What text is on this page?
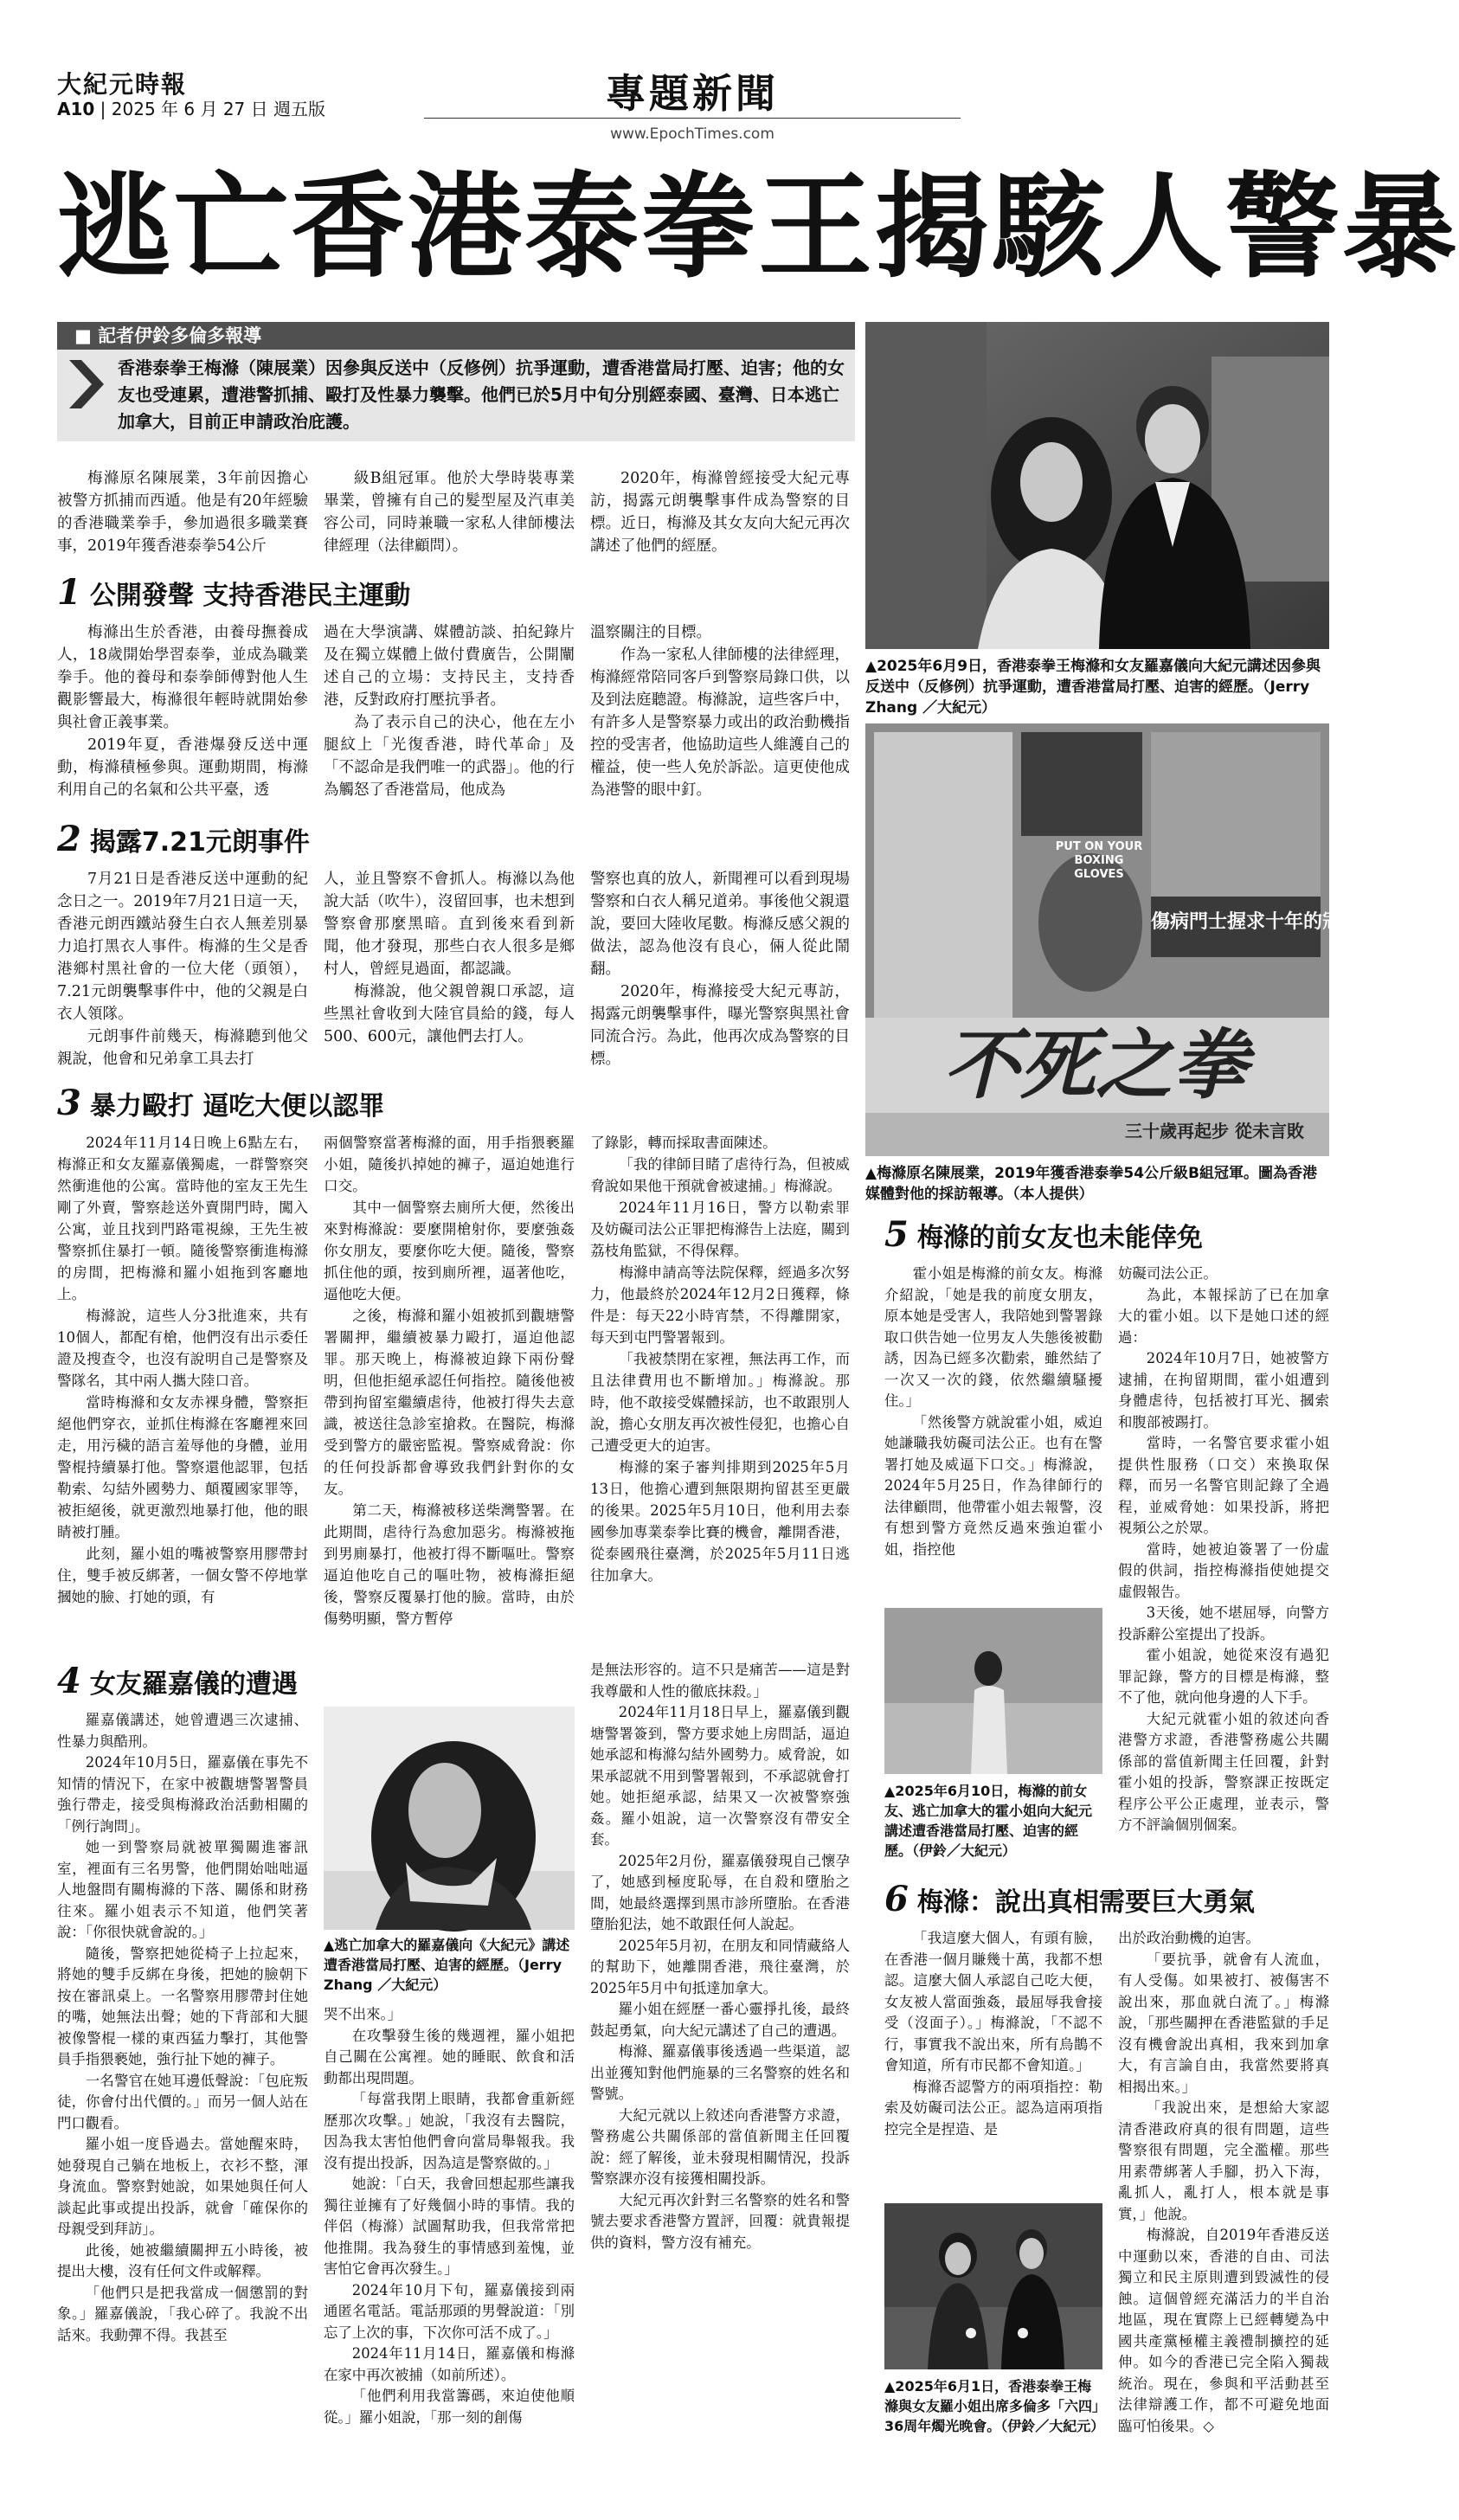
大紀元時報
A10 | 2025 年 6 月 27 日 週五版	專題新聞
www.EpochTimes.com
逃亡香港泰拳王揭駭人警暴
■ 記者伊鈴多倫多報導
香港泰拳王梅滌（陳展業）因參與反送中（反修例）抗爭運動，遭香港當局打壓、迫害；他的女友也受連累，遭港警抓捕、毆打及性暴力襲擊。他們已於5月中旬分別經泰國、臺灣、日本逃亡加拿大，目前正申請政治庇護。

梅滌原名陳展業，3年前因擔心被警方抓捕而西遁。他是有20年經驗的香港職業拳手，參加過很多職業賽事，2019年獲香港泰拳54公斤

級B組冠軍。他於大學時裝專業畢業，曾擁有自己的髮型屋及汽車美容公司，同時兼職一家私人律師樓法律經理（法律顧問）。

2020年，梅滌曾經接受大紀元專訪，揭露元朗襲擊事件成為警察的目標。近日，梅滌及其女友向大紀元再次講述了他們的經歷。

1 公開發聲 支持香港民主運動

梅滌出生於香港，由養母撫養成人，18歲開始學習泰拳，並成為職業拳手。他的養母和泰拳師傅對他人生觀影響最大，梅滌很年輕時就開始參與社會正義事業。

2019年夏，香港爆發反送中運動，梅滌積極參與。運動期間，梅滌利用自己的名氣和公共平臺，透

過在大學演講、媒體訪談、拍紀錄片及在獨立媒體上做付費廣告，公開闡述自己的立場：支持民主，支持香港，反對政府打壓抗爭者。

為了表示自己的決心，他在左小腿紋上「光復香港，時代革命」及「不認命是我們唯一的武器」。他的行為觸怒了香港當局，他成為

溫察關注的目標。

作為一家私人律師樓的法律經理，梅滌經常陪同客戶到警察局錄口供，以及到法庭聽證。梅滌說，這些客戶中，有許多人是警察暴力或出的政治動機指控的受害者，他協助這些人維護自己的權益，使一些人免於訴訟。這更使他成為港警的眼中釘。

2 揭露7.21元朗事件

7月21日是香港反送中運動的紀念日之一。2019年7月21日這一天，香港元朗西鐵站發生白衣人無差別暴力追打黑衣人事件。梅滌的生父是香港鄉村黑社會的一位大佬（頭領），7.21元朗襲擊事件中，他的父親是白衣人領隊。

元朗事件前幾天，梅滌聽到他父親說，他會和兄弟拿工具去打

人，並且警察不會抓人。梅滌以為他說大話（吹牛），沒留回事，也未想到警察會那麼黑暗。直到後來看到新聞，他才發現，那些白衣人很多是鄉村人，曾經見過面，都認識。

梅滌說，他父親曾親口承認，這些黑社會收到大陸官員給的錢，每人500、600元，讓他們去打人。

警察也真的放人，新聞裡可以看到現場警察和白衣人稱兄道弟。事後他父親還說，要回大陸收尾數。梅滌反感父親的做法，認為他沒有良心，倆人從此鬧翻。

2020年，梅滌接受大紀元專訪，揭露元朗襲擊事件，曝光警察與黑社會同流合污。為此，他再次成為警察的目標。

3 暴力毆打 逼吃大便以認罪

2024年11月14日晚上6點左右，梅滌正和女友羅嘉儀獨處，一群警察突然衝進他的公寓。當時他的室友王先生剛了外賣，警察趁送外賣開門時，闖入公寓，並且找到門路電視線，王先生被警察抓住暴打一頓。隨後警察衝進梅滌的房間，把梅滌和羅小姐拖到客廳地上。

梅滌說，這些人分3批進來，共有10個人，都配有槍，他們沒有出示委任證及搜查令，也沒有說明自己是警察及警隊名，其中兩人攜大陸口音。

當時梅滌和女友赤裸身體，警察拒絕他們穿衣，並抓住梅滌在客廳裡來回走，用污穢的語言羞辱他的身體，並用警棍持續暴打他。警察還他認罪，包括勒索、勾結外國勢力、顛覆國家罪等，被拒絕後，就更激烈地暴打他，他的眼睛被打腫。

此刻，羅小姐的嘴被警察用膠帶封住，雙手被反綁著，一個女警不停地掌摑她的臉、打她的頭，有

兩個警察當著梅滌的面，用手指猥褻羅小姐，隨後扒掉她的褲子，逼迫她進行口交。

其中一個警察去廁所大便，然後出來對梅滌說：要麼開槍射你，要麼強姦你女朋友，要麼你吃大便。隨後，警察抓住他的頭，按到廁所裡，逼著他吃，逼他吃大便。

之後，梅滌和羅小姐被抓到觀塘警署關押，繼續被暴力毆打，逼迫他認罪。那天晚上，梅滌被迫錄下兩份聲明，但他拒絕承認任何指控。隨後他被帶到拘留室繼續虐待，他被打得失去意識，被送往急診室搶救。在醫院，梅滌受到警方的嚴密監視。警察威脅說：你的任何投訴都會導致我們針對你的女友。

第二天，梅滌被移送柴灣警署。在此期間，虐待行為愈加惡劣。梅滌被拖到男廁暴打，他被打得不斷嘔吐。警察逼迫他吃自己的嘔吐物，被梅滌拒絕後，警察反覆暴打他的臉。當時，由於傷勢明顯，警方暫停

了錄影，轉而採取書面陳述。

「我的律師目睹了虐待行為，但被威脅說如果他干預就會被逮捕。」梅滌說。

2024年11月16日，警方以勒索罪及妨礙司法公正罪把梅滌告上法庭，關到荔枝角監獄，不得保釋。

梅滌申請高等法院保釋，經過多次努力，他最終於2024年12月2日獲釋，條件是：每天22小時宵禁，不得離開家，每天到屯門警署報到。

「我被禁閉在家裡，無法再工作，而且法律費用也不斷增加。」梅滌說。那時，他不敢接受媒體採訪，也不敢跟別人說，擔心女朋友再次被性侵犯，也擔心自己遭受更大的迫害。

梅滌的案子審判排期到2025年5月13日，他擔心遭到無限期拘留甚至更嚴的後果。2025年5月10日，他利用去泰國參加專業泰拳比賽的機會，離開香港，從泰國飛往臺灣，於2025年5月11日逃往加拿大。

4 女友羅嘉儀的遭遇

羅嘉儀講述，她曾遭遇三次逮捕、性暴力與酷刑。

2024年10月5日，羅嘉儀在事先不知情的情況下，在家中被觀塘警署警員強行帶走，接受與梅滌政治活動相關的「例行詢問」。

她一到警察局就被單獨關進審訊室，裡面有三名男警，他們開始咄咄逼人地盤問有關梅滌的下落、關係和財務往來。羅小姐表示不知道，他們笑著說：「你很快就會說的。」

隨後，警察把她從椅子上拉起來，將她的雙手反綁在身後，把她的臉朝下按在審訊桌上。一名警察用膠帶封住她的嘴，她無法出聲；她的下背部和大腿被像警棍一樣的東西猛力擊打，其他警員手指猥褻她，強行扯下她的褲子。

一名警官在她耳邊低聲說：「包庇叛徒，你會付出代價的。」而另一個人站在門口觀看。

羅小姐一度昏過去。當她醒來時，她發現自己躺在地板上，衣衫不整，渾身流血。警察對她說，如果她與任何人談起此事或提出投訴，就會「確保你的母親受到拜訪」。

此後，她被繼續關押五小時後，被提出大樓，沒有任何文件或解釋。

「他們只是把我當成一個懲罰的對象。」羅嘉儀說，「我心碎了。我說不出話來。我動彈不得。我甚至

▲逃亡加拿大的羅嘉儀向《大紀元》講述遭香港當局打壓、迫害的經歷。（Jerry Zhang ／大紀元）

哭不出來。」

在攻擊發生後的幾週裡，羅小姐把自己關在公寓裡。她的睡眠、飲食和活動都出現問題。

「每當我閉上眼睛，我都會重新經歷那次攻擊。」她說，「我沒有去醫院，因為我太害怕他們會向當局舉報我。我沒有提出投訴，因為這是警察做的。」

她說：「白天，我會回想起那些讓我獨往並擁有了好幾個小時的事情。我的伴侶（梅滌）試圖幫助我，但我常常把他推開。我為發生的事情感到羞愧，並害怕它會再次發生。」

2024年10月下旬，羅嘉儀接到兩通匿名電話。電話那頭的男聲說道：「別忘了上次的事，下次你可活不成了。」

2024年11月14日，羅嘉儀和梅滌在家中再次被捕（如前所述）。

「他們利用我當籌碼，來迫使他順從。」羅小姐說，「那一刻的創傷

是無法形容的。這不只是痛苦——這是對我尊嚴和人性的徹底抹殺。」

2024年11月18日早上，羅嘉儀到觀塘警署簽到，警方要求她上房問話，逼迫她承認和梅滌勾結外國勢力。威脅說，如果承認就不用到警署報到，不承認就會打她。她拒絕承認，結果又一次被警察強姦。羅小姐說，這一次警察沒有帶安全套。

2025年2月份，羅嘉儀發現自己懷孕了，她感到極度恥辱，在自殺和墮胎之間，她最終選擇到黑市診所墮胎。在香港墮胎犯法，她不敢跟任何人說起。

2025年5月初，在朋友和同情藏絡人的幫助下，她離開香港，飛往臺灣，於2025年5月中旬抵達加拿大。

羅小姐在經歷一番心靈掙扎後，最終鼓起勇氣，向大紀元講述了自己的遭遇。

梅滌、羅嘉儀事後透過一些渠道，認出並獲知對他們施暴的三名警察的姓名和警號。

大紀元就以上敘述向香港警方求證，警務處公共關係部的當值新聞主任回覆說：經了解後，並未發現相關情況，投訴警察課亦沒有接獲相關投訴。

大紀元再次針對三名警察的姓名和警號去要求香港警方置評，回覆：就貴報提供的資料，警方沒有補充。

▲2025年6月9日，香港泰拳王梅滌和女友羅嘉儀向大紀元講述因參與反送中（反修例）抗爭運動，遭香港當局打壓、迫害的經歷。（Jerry Zhang ／大紀元）
PUT ON YOUR BOXING GLOVES
傷病門士握求十年的冠軍
不死之拳
三十歲再起步 從未言敗
▲梅滌原名陳展業，2019年獲香港泰拳54公斤級B組冠軍。圖為香港媒體對他的採訪報導。（本人提供）
5 梅滌的前女友也未能倖免

霍小姐是梅滌的前女友。梅滌介紹說，「她是我的前度女朋友，原本她是受害人，我陪她到警署錄取口供告她一位男友人失態後被勸誘，因為已經多次勸索，雖然結了一次又一次的錢，依然繼續騷擾住。」

「然後警方就說霍小姐，威迫她謙職我妨礙司法公正。也有在警署打她及威逼下口交。」梅滌說，2024年5月25日，作為律師行的法律顧問，他帶霍小姐去報警，沒有想到警方竟然反過來強迫霍小姐，指控他

▲2025年6月10日，梅滌的前女友、逃亡加拿大的霍小姐向大紀元講述遭香港當局打壓、迫害的經歷。（伊鈴／大紀元）

妨礙司法公正。

為此，本報採訪了已在加拿大的霍小姐。以下是她口述的經過：

2024年10月7日，她被警方逮捕，在拘留期間，霍小姐遭到身體虐待，包括被打耳光、摑索和腹部被踢打。

當時，一名警官要求霍小姐提供性服務（口交）來換取保釋，而另一名警官則記錄了全過程，並威脅她：如果投訴，將把視頻公之於眾。

當時，她被迫簽署了一份虛假的供詞，指控梅滌指使她提交虛假報告。

3天後，她不堪屈辱，向警方投訴辭公室提出了投訴。

霍小姐說，她從來沒有過犯罪記錄，警方的目標是梅滌，整不了他，就向他身邊的人下手。

大紀元就霍小姐的敘述向香港警方求證，香港警務處公共關係部的當值新聞主任回覆，針對霍小姐的投訴，警察課正按既定程序公平公正處理，並表示，警方不評論個別個案。

6 梅滌：說出真相需要巨大勇氣

「我這麼大個人，有頭有臉，在香港一個月賺幾十萬，我都不想認。這麼大個人承認自己吃大便，女友被人當面強姦，最屈辱我會接受（沒面子）。」梅滌說，「不認不行，事實我不說出來，所有烏鵲不會知道，所有市民都不會知道。」

梅滌否認警方的兩項指控：勒索及妨礙司法公正。認為這兩項指控完全是捏造、是

▲2025年6月1日，香港泰拳王梅滌與女友羅小姐出席多倫多「六四」36周年燭光晚會。（伊鈴／大紀元）

出於政治動機的迫害。

「要抗爭，就會有人流血，有人受傷。如果被打、被傷害不說出來，那血就白流了。」梅滌說，「那些關押在香港監獄的手足沒有機會說出真相，我來到加拿大，有言論自由，我當然要將真相揭出來。」

「我說出來，是想給大家認清香港政府真的很有問題，這些警察很有問題，完全濫權。那些用素帶綁著人手腳，扔入下海，亂抓人，亂打人，根本就是事實，」他說。

梅滌說，自2019年香港反送中運動以來，香港的自由、司法獨立和民主原則遭到毀滅性的侵蝕。這個曾經充滿活力的半自治地區，現在實際上已經轉變為中國共產黨極權主義禮制擴控的延伸。如今的香港已完全陷入獨裁統治。現在，參與和平活動甚至法律辯護工作，都不可避免地面臨可怕後果。◇
